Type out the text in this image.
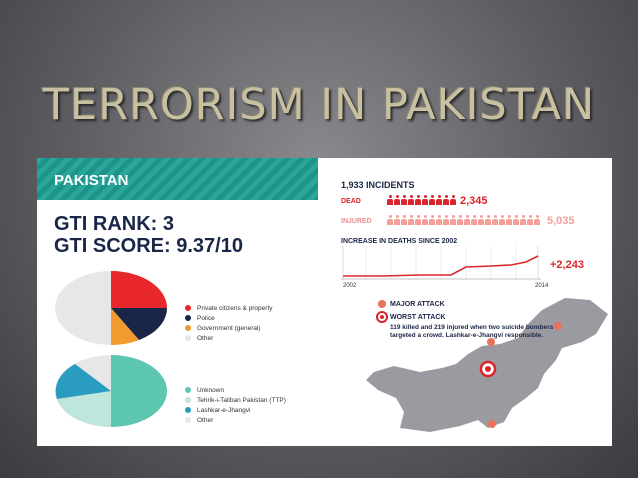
TERRORISM IN PAKISTAN
PAKISTAN
GTI RANK: 3
GTI SCORE: 9.37/10
Private citizens & property
Police
Government (general)
Other
Unknown
Tehrik-i-Taliban Pakistan (TTP)
Lashkar-e-Jhangvi
Other
1,933 INCIDENTS
DEAD	2,345
INJURED	5,035
INCREASE IN DEATHS SINCE 2002
2002	2014
+2,243
MAJOR ATTACK
WORST ATTACK
119 killed and 219 injured when two suicide bombers targeted a crowd. Lashkar-e-Jhangvi responsible.
